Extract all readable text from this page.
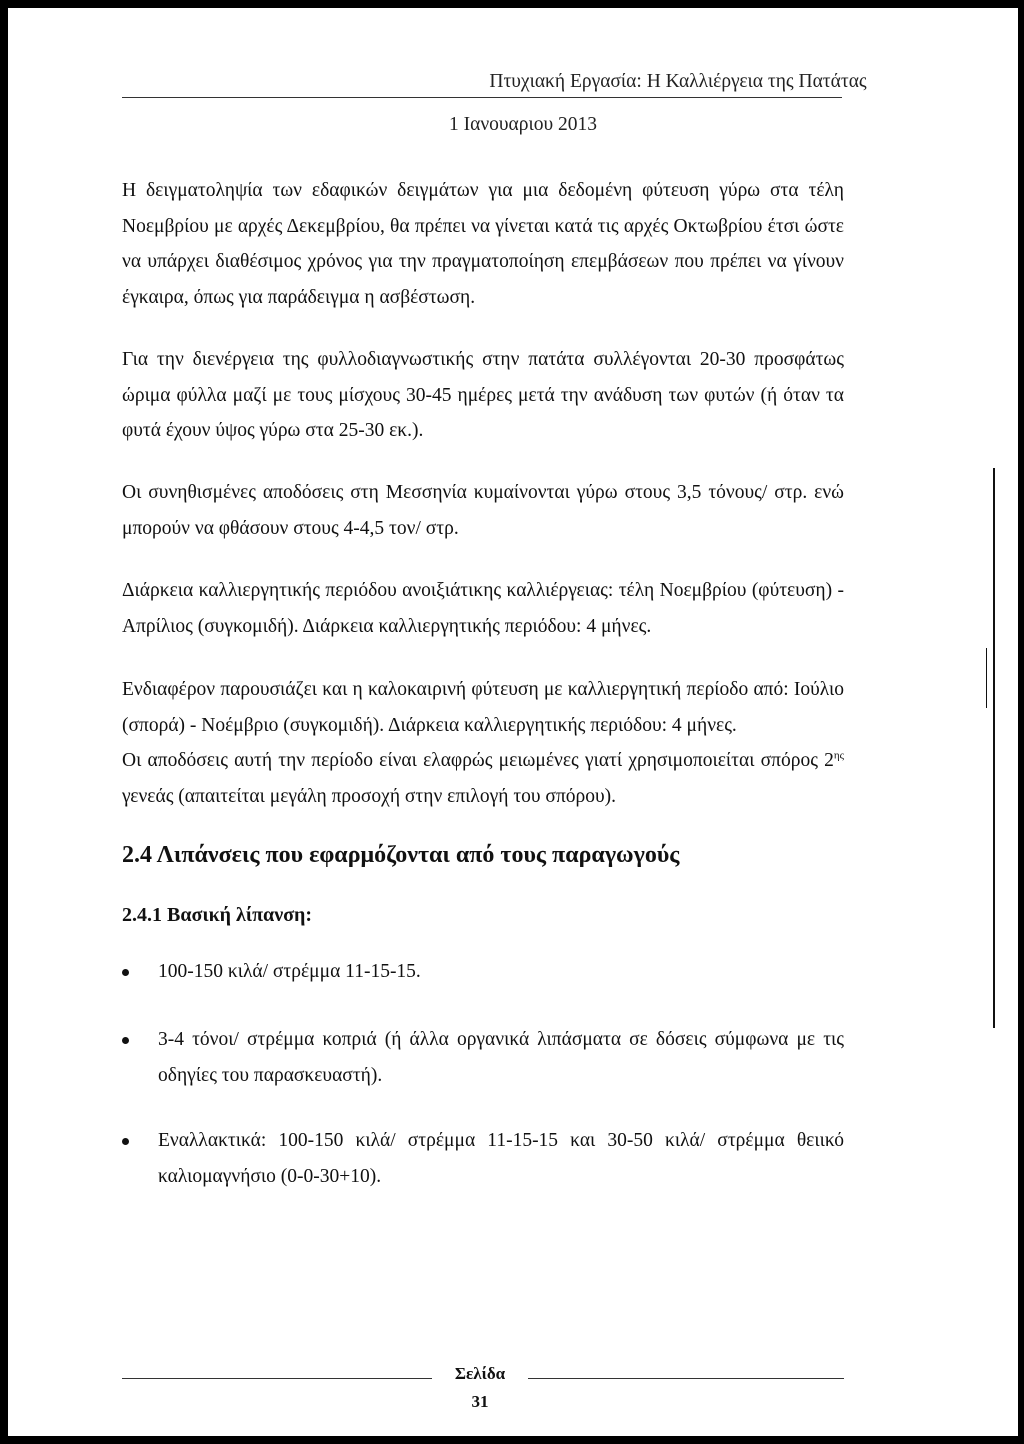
Πτυχιακή Εργασία: Η Καλλιέργεια της Πατάτας
1 Ιανουαριου 2013

Η δειγματοληψία των εδαφικών δειγμάτων για μια δεδομένη φύτευση γύρω στα τέλη Νοεμβρίου με αρχές Δεκεμβρίου, θα πρέπει να γίνεται κατά τις αρχές Οκτωβρίου έτσι ώστε να υπάρχει διαθέσιμος χρόνος για την πραγματοποίηση επεμβάσεων που πρέπει να γίνουν έγκαιρα, όπως για παράδειγμα η ασβέστωση.

Για την διενέργεια της φυλλοδιαγνωστικής στην πατάτα συλλέγονται 20-30 προσφάτως ώριμα φύλλα μαζί με τους μίσχους 30-45 ημέρες μετά την ανάδυση των φυτών (ή όταν τα φυτά έχουν ύψος γύρω στα 25-30 εκ.).

Οι συνηθισμένες αποδόσεις στη Μεσσηνία κυμαίνονται γύρω στους 3,5 τόνους/ στρ. ενώ μπορούν να φθάσουν στους 4-4,5 τον/ στρ.

Διάρκεια καλλιεργητικής περιόδου ανοιξιάτικης καλλιέργειας: τέλη Νοεμβρίου (φύτευση) - Απρίλιος (συγκομιδή). Διάρκεια καλλιεργητικής περιόδου: 4 μήνες.

Ενδιαφέρον παρουσιάζει και η καλοκαιρινή φύτευση με καλλιεργητική περίοδο από: Ιούλιο (σπορά) - Νοέμβριο (συγκομιδή). Διάρκεια καλλιεργητικής περιόδου: 4 μήνες.

Οι αποδόσεις αυτή την περίοδο είναι ελαφρώς μειωμένες γιατί χρησιμοποιείται σπόρος $2^{\eta\varsigma}$ γενεάς (απαιτείται μεγάλη προσοχή στην επιλογή του σπόρου).

2.4 Λιπάνσεις που εφαρμόζονται από τους παραγωγούς
2.4.1 Βασική λίπανση:
100-150 κιλά/ στρέμμα 11-15-15.
3-4 τόνοι/ στρέμμα κοπριά (ή άλλα οργανικά λιπάσματα σε δόσεις σύμφωνα με τις οδηγίες του παρασκευαστή).
Εναλλακτικά: 100-150 κιλά/ στρέμμα 11-15-15 και 30-50 κιλά/ στρέμμα θειικό καλιομαγνήσιο (0-0-30+10).
Σελίδα
31
